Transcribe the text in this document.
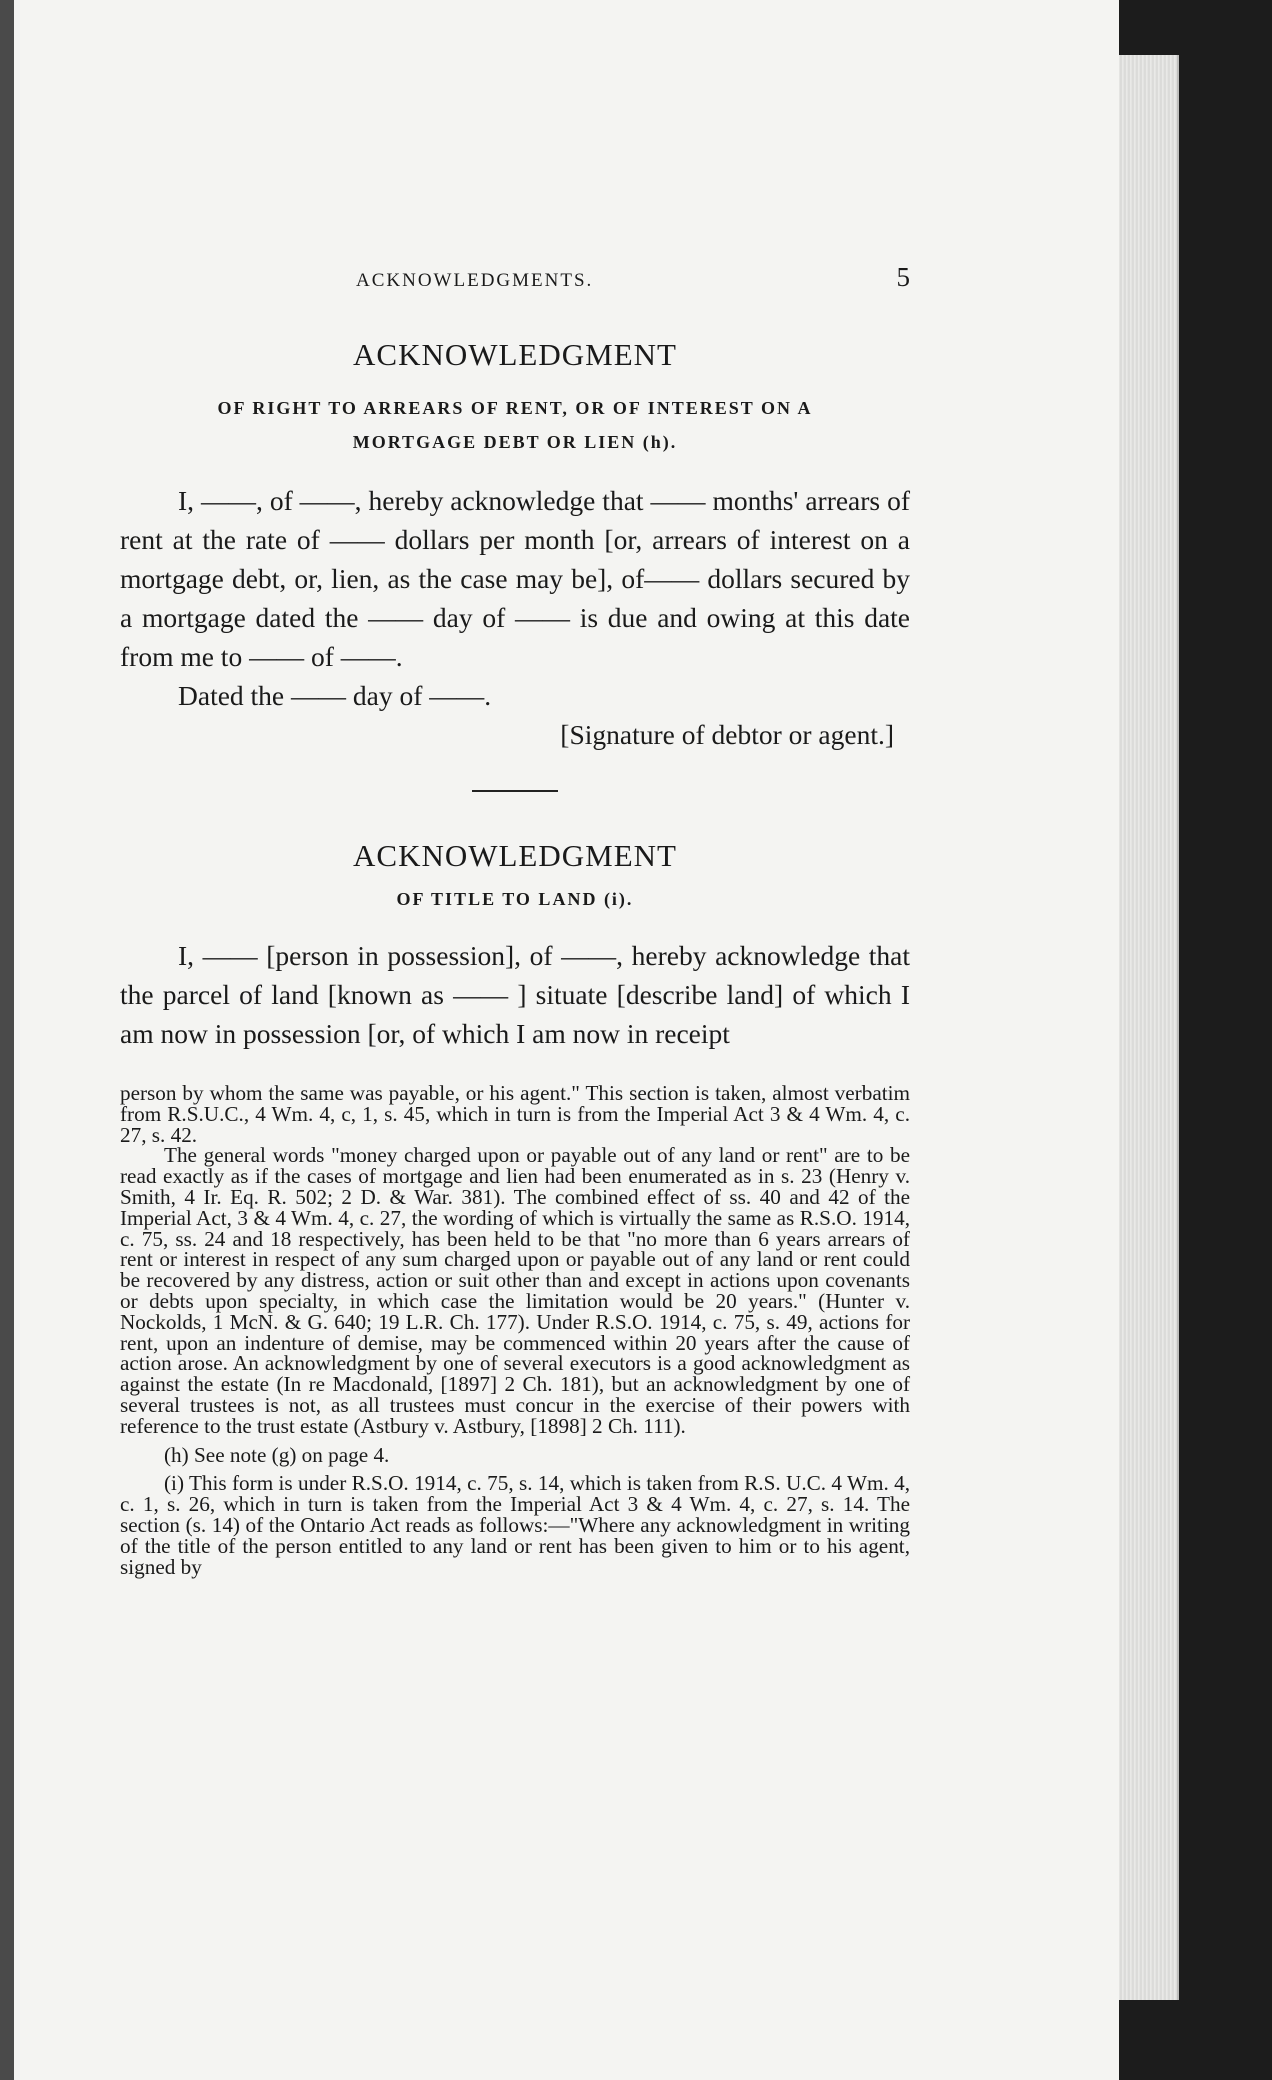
ACKNOWLEDGMENTS.	5
ACKNOWLEDGMENT

OF RIGHT TO ARREARS OF RENT, OR OF INTEREST ON A

MORTGAGE DEBT OR LIEN (h).

I, ——, of ——, hereby acknowledge that —— months' arrears of rent at the rate of —— dollars per month [or, arrears of interest on a mortgage debt, or, lien, as the case may be], of—— dollars secured by a mortgage dated the —— day of —— is due and owing at this date from me to —— of ——.

Dated the —— day of ——.

[Signature of debtor or agent.]

ACKNOWLEDGMENT

OF TITLE TO LAND (i).

I, —— [person in possession], of ——, hereby acknowledge that the parcel of land [known as —— ] situate [describe land] of which I am now in possession [or, of which I am now in receipt

person by whom the same was payable, or his agent." This section is taken, almost verbatim from R.S.U.C., 4 Wm. 4, c, 1, s. 45, which in turn is from the Imperial Act 3 & 4 Wm. 4, c. 27, s. 42.

The general words "money charged upon or payable out of any land or rent" are to be read exactly as if the cases of mortgage and lien had been enumerated as in s. 23 (Henry v. Smith, 4 Ir. Eq. R. 502; 2 D. & War. 381). The combined effect of ss. 40 and 42 of the Imperial Act, 3 & 4 Wm. 4, c. 27, the wording of which is virtually the same as R.S.O. 1914, c. 75, ss. 24 and 18 respectively, has been held to be that "no more than 6 years arrears of rent or interest in respect of any sum charged upon or payable out of any land or rent could be recovered by any distress, action or suit other than and except in actions upon covenants or debts upon specialty, in which case the limitation would be 20 years." (Hunter v. Nockolds, 1 McN. & G. 640; 19 L.R. Ch. 177). Under R.S.O. 1914, c. 75, s. 49, actions for rent, upon an indenture of demise, may be commenced within 20 years after the cause of action arose. An acknowledgment by one of several executors is a good acknowledgment as against the estate (In re Macdonald, [1897] 2 Ch. 181), but an acknowledgment by one of several trustees is not, as all trustees must concur in the exercise of their powers with reference to the trust estate (Astbury v. Astbury, [1898] 2 Ch. 111).

(h) See note (g) on page 4.

(i) This form is under R.S.O. 1914, c. 75, s. 14, which is taken from R.S. U.C. 4 Wm. 4, c. 1, s. 26, which in turn is taken from the Imperial Act 3 & 4 Wm. 4, c. 27, s. 14. The section (s. 14) of the Ontario Act reads as follows:—"Where any acknowledgment in writing of the title of the person entitled to any land or rent has been given to him or to his agent, signed by
